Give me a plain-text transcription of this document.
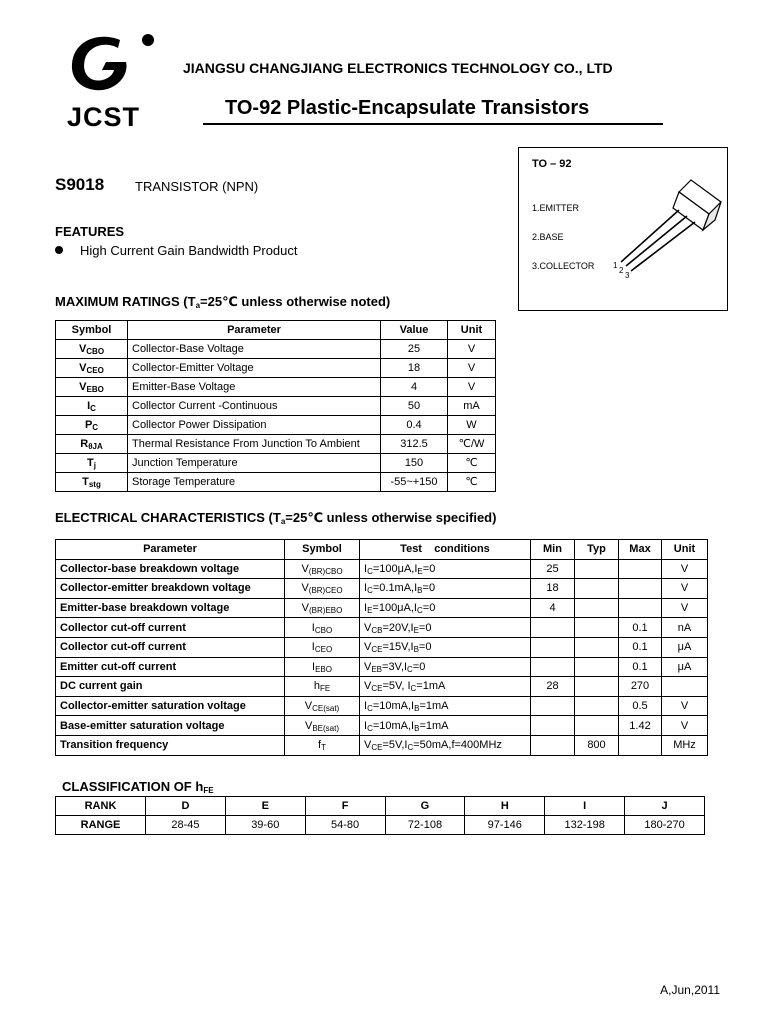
JCST
JIANGSU CHANGJIANG ELECTRONICS TECHNOLOGY CO., LTD
TO-92 Plastic-Encapsulate Transistors
S9018 TRANSISTOR (NPN)
TO – 92
1.EMITTER
2.BASE
3.COLLECTOR 1
2
3
FEATURES
High Current Gain Bandwidth Product
MAXIMUM RATINGS ($T_a=25℃$ unless otherwise noted)
Symbol	Parameter	Value	Unit
$V_{CBO}$	Collector-Base Voltage	25	V
$V_{CEO}$	Collector-Emitter Voltage	18	V
$V_{EBO}$	Emitter-Base Voltage	4	V
$I_C$	Collector Current -Continuous	50	mA
$P_C$	Collector Power Dissipation	0.4	W
$R_{\theta JA}$	Thermal Resistance From Junction To Ambient	312.5	℃/W
$T_j$	Junction Temperature	150	℃
$T_{stg}$	Storage Temperature	-55~+150	℃
ELECTRICAL CHARACTERISTICS ($T_a=25℃$ unless otherwise specified)
Parameter	Symbol	Test    conditions	Min	Typ	Max	Unit
Collector-base breakdown voltage	$V_{(BR)CBO}$	$I_C=100\mu A,I_E=0$	25			V
Collector-emitter breakdown voltage	$V_{(BR)CEO}$	$I_C=0.1mA,I_B=0$	18			V
Emitter-base breakdown voltage	$V_{(BR)EBO}$	$I_E=100\mu A,I_C=0$	4			V
Collector cut-off current	$I_{CBO}$	$V_{CB}=20V,I_E=0$			0.1	nA
Collector cut-off current	$I_{CEO}$	$V_{CE}=15V,I_B=0$			0.1	μA
Emitter cut-off current	$I_{EBO}$	$V_{EB}=3V,I_C=0$			0.1	μA
DC current gain	$h_{FE}$	$V_{CE}=5V$, $I_C=1mA$	28		270	
Collector-emitter saturation voltage	$V_{CE(sat)}$	$I_C=10mA,I_B=1mA$			0.5	V
Base-emitter saturation voltage	$V_{BE(sat)}$	$I_C=10mA,I_B=1mA$			1.42	V
Transition frequency	$f_T$	$V_{CE}=5V,I_C=50mA,f=400MHz$		800		MHz
CLASSIFICATION OF $h_{FE}$
RANK	D	E	F	G	H	I	J
RANGE	28-45	39-60	54-80	72-108	97-146	132-198	180-270
A,Jun,2011
